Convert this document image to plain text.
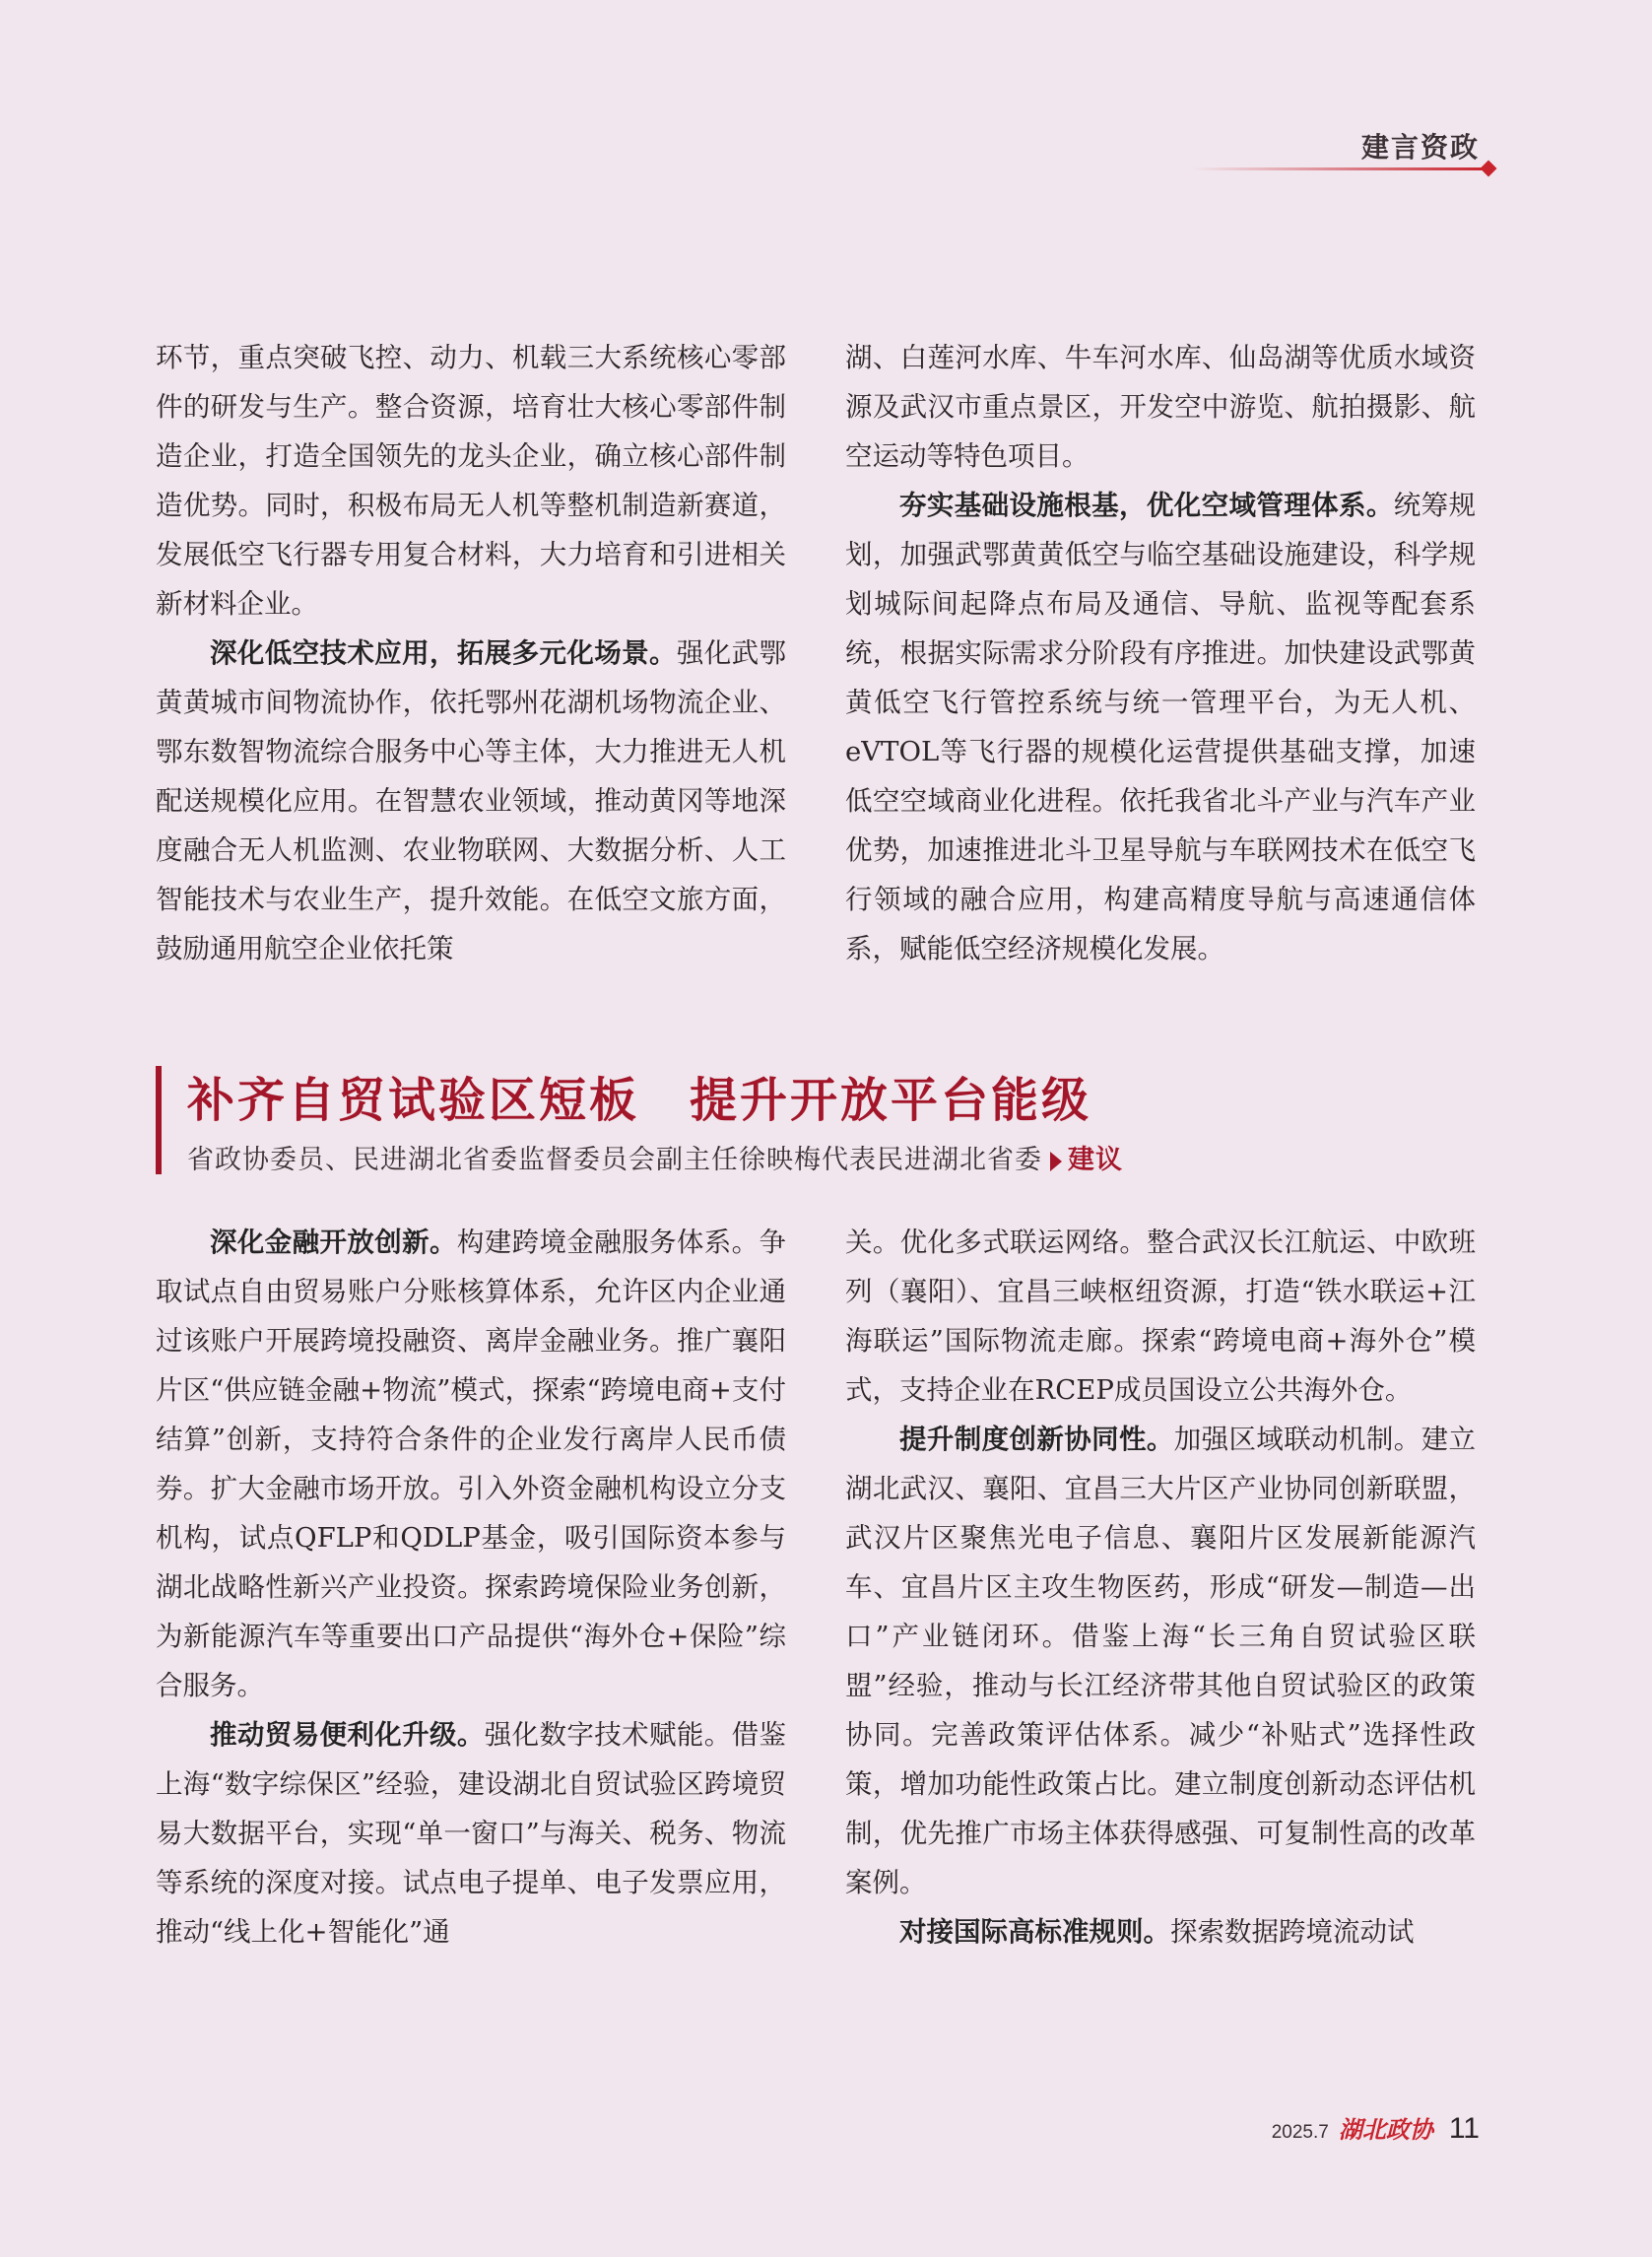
建言资政

环节，重点突破飞控、动力、机载三大系统核心零部件的研发与生产。整合资源，培育壮大核心零部件制造企业，打造全国领先的龙头企业，确立核心部件制造优势。同时，积极布局无人机等整机制造新赛道，发展低空飞行器专用复合材料，大力培育和引进相关新材料企业。

深化低空技术应用，拓展多元化场景。强化武鄂黄黄城市间物流协作，依托鄂州花湖机场物流企业、鄂东数智物流综合服务中心等主体，大力推进无人机配送规模化应用。在智慧农业领域，推动黄冈等地深度融合无人机监测、农业物联网、大数据分析、人工智能技术与农业生产，提升效能。在低空文旅方面，鼓励通用航空企业依托策

湖、白莲河水库、牛车河水库、仙岛湖等优质水域资源及武汉市重点景区，开发空中游览、航拍摄影、航空运动等特色项目。

夯实基础设施根基，优化空域管理体系。统筹规划，加强武鄂黄黄低空与临空基础设施建设，科学规划城际间起降点布局及通信、导航、监视等配套系统，根据实际需求分阶段有序推进。加快建设武鄂黄黄低空飞行管控系统与统一管理平台，为无人机、eVTOL等飞行器的规模化运营提供基础支撑，加速低空空域商业化进程。依托我省北斗产业与汽车产业优势，加速推进北斗卫星导航与车联网技术在低空飞行领域的融合应用，构建高精度导航与高速通信体系，赋能低空经济规模化发展。

补齐自贸试验区短板　提升开放平台能级
省政协委员、民进湖北省委监督委员会副主任徐映梅代表民进湖北省委 建议

深化金融开放创新。构建跨境金融服务体系。争取试点自由贸易账户分账核算体系，允许区内企业通过该账户开展跨境投融资、离岸金融业务。推广襄阳片区“供应链金融+物流”模式，探索“跨境电商+支付结算”创新，支持符合条件的企业发行离岸人民币债券。扩大金融市场开放。引入外资金融机构设立分支机构，试点QFLP和QDLP基金，吸引国际资本参与湖北战略性新兴产业投资。探索跨境保险业务创新，为新能源汽车等重要出口产品提供“海外仓+保险”综合服务。

推动贸易便利化升级。强化数字技术赋能。借鉴上海“数字综保区”经验，建设湖北自贸试验区跨境贸易大数据平台，实现“单一窗口”与海关、税务、物流等系统的深度对接。试点电子提单、电子发票应用，推动“线上化+智能化”通

关。优化多式联运网络。整合武汉长江航运、中欧班列（襄阳）、宜昌三峡枢纽资源，打造“铁水联运+江海联运”国际物流走廊。探索“跨境电商+海外仓”模式，支持企业在RCEP成员国设立公共海外仓。

提升制度创新协同性。加强区域联动机制。建立湖北武汉、襄阳、宜昌三大片区产业协同创新联盟，武汉片区聚焦光电子信息、襄阳片区发展新能源汽车、宜昌片区主攻生物医药，形成“研发—制造—出口”产业链闭环。借鉴上海“长三角自贸试验区联盟”经验，推动与长江经济带其他自贸试验区的政策协同。完善政策评估体系。减少“补贴式”选择性政策，增加功能性政策占比。建立制度创新动态评估机制，优先推广市场主体获得感强、可复制性高的改革案例。

对接国际高标准规则。探索数据跨境流动试

2025.7 湖北政协 11
